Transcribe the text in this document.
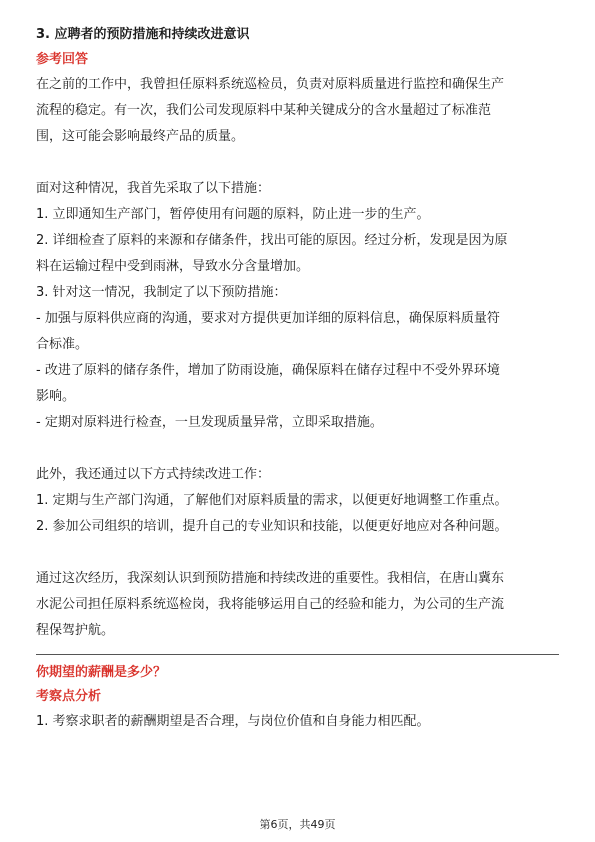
3. 应聘者的预防措施和持续改进意识
参考回答
在之前的工作中，我曾担任原料系统巡检员，负责对原料质量进行监控和确保生产
流程的稳定。有一次，我们公司发现原料中某种关键成分的含水量超过了标准范
围，这可能会影响最终产品的质量。
面对这种情况，我首先采取了以下措施：
1. 立即通知生产部门，暂停使用有问题的原料，防止进一步的生产。
2. 详细检查了原料的来源和存储条件，找出可能的原因。经过分析，发现是因为原
料在运输过程中受到雨淋，导致水分含量增加。
3. 针对这一情况，我制定了以下预防措施：
- 加强与原料供应商的沟通，要求对方提供更加详细的原料信息，确保原料质量符
合标准。
- 改进了原料的储存条件，增加了防雨设施，确保原料在储存过程中不受外界环境
影响。
- 定期对原料进行检查，一旦发现质量异常，立即采取措施。
此外，我还通过以下方式持续改进工作：
1. 定期与生产部门沟通，了解他们对原料质量的需求，以便更好地调整工作重点。
2. 参加公司组织的培训，提升自己的专业知识和技能，以便更好地应对各种问题。
通过这次经历，我深刻认识到预防措施和持续改进的重要性。我相信，在唐山冀东
水泥公司担任原料系统巡检岗，我将能够运用自己的经验和能力，为公司的生产流
程保驾护航。
你期望的薪酬是多少？
考察点分析
1. 考察求职者的薪酬期望是否合理，与岗位价值和自身能力相匹配。
第6页，共49页
